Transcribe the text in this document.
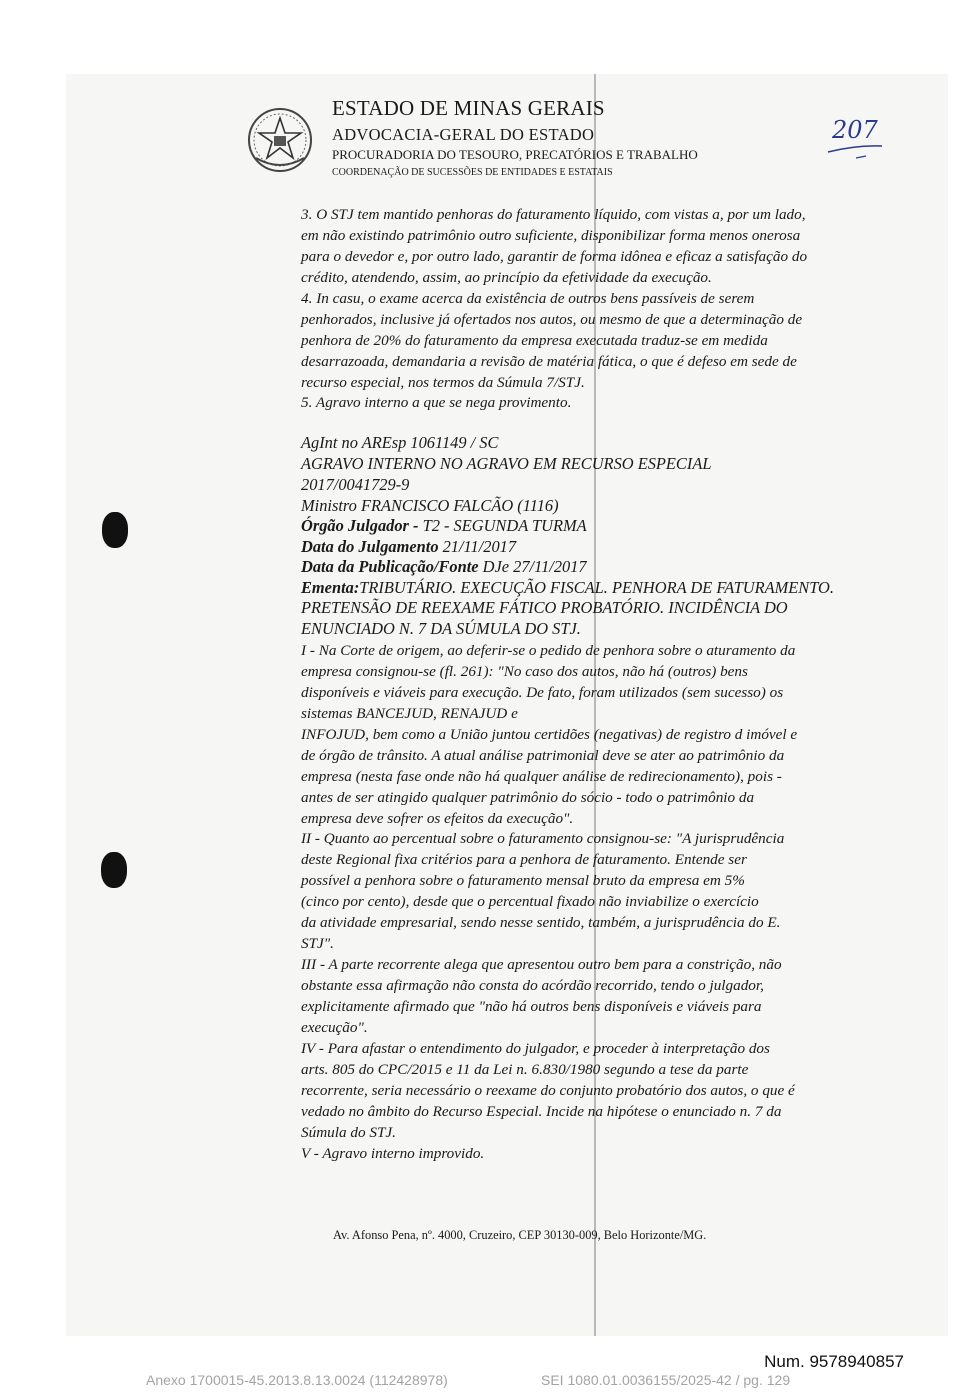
ESTADO DE MINAS GERAIS
ADVOCACIA-GERAL DO ESTADO
PROCURADORIA DO TESOURO, PRECATÓRIOS E TRABALHO
COORDENAÇÃO DE SUCESSÕES DE ENTIDADES E ESTATAIS
207
3. O STJ tem mantido penhoras do faturamento líquido, com vistas a, por um lado,
em não existindo patrimônio outro suficiente, disponibilizar forma menos onerosa
para o devedor e, por outro lado, garantir de forma idônea e eficaz a satisfação do
crédito, atendendo, assim, ao princípio da efetividade da execução.
4. In casu, o exame acerca da existência de outros bens passíveis de serem
penhorados, inclusive já ofertados nos autos, ou mesmo de que a determinação de
penhora de 20% do faturamento da empresa executada traduz-se em medida
desarrazoada, demandaria a revisão de matéria fática, o que é defeso em sede de
recurso especial, nos termos da Súmula 7/STJ.
5. Agravo interno a que se nega provimento.
AgInt no AREsp 1061149 / SC
AGRAVO INTERNO NO AGRAVO EM RECURSO ESPECIAL
2017/0041729-9
Ministro FRANCISCO FALCÃO (1116)
Órgão Julgador - T2 - SEGUNDA TURMA
Data do Julgamento 21/11/2017
Data da Publicação/Fonte DJe 27/11/2017
Ementa:TRIBUTÁRIO. EXECUÇÃO FISCAL. PENHORA DE FATURAMENTO.
PRETENSÃO DE REEXAME FÁTICO PROBATÓRIO. INCIDÊNCIA DO
ENUNCIADO N. 7 DA SÚMULA DO STJ.
I - Na Corte de origem, ao deferir-se o pedido de penhora sobre o aturamento da
empresa consignou-se (fl. 261): "No caso dos autos, não há (outros) bens
disponíveis e viáveis para execução. De fato, foram utilizados (sem sucesso) os
sistemas BANCEJUD, RENAJUD e
INFOJUD, bem como a União juntou certidões (negativas) de registro d imóvel e
de órgão de trânsito. A atual análise patrimonial deve se ater ao patrimônio da
empresa (nesta fase onde não há qualquer análise de redirecionamento), pois -
antes de ser atingido qualquer patrimônio do sócio - todo o patrimônio da
empresa deve sofrer os efeitos da execução".
II - Quanto ao percentual sobre o faturamento consignou-se: "A jurisprudência
deste Regional fixa critérios para a penhora de faturamento. Entende ser
possível a penhora sobre o faturamento mensal bruto da empresa em 5%
(cinco por cento), desde que o percentual fixado não inviabilize o exercício
da atividade empresarial, sendo nesse sentido, também, a jurisprudência do E.
STJ".
III - A parte recorrente alega que apresentou outro bem para a constrição, não
obstante essa afirmação não consta do acórdão recorrido, tendo o julgador,
explicitamente afirmado que "não há outros bens disponíveis e viáveis para
execução".
IV - Para afastar o entendimento do julgador, e proceder à interpretação dos
arts. 805 do CPC/2015 e 11 da Lei n. 6.830/1980 segundo a tese da parte
recorrente, seria necessário o reexame do conjunto probatório dos autos, o que é
vedado no âmbito do Recurso Especial. Incide na hipótese o enunciado n. 7 da
Súmula do STJ.
V - Agravo interno improvido.
Av. Afonso Pena, nº. 4000, Cruzeiro, CEP 30130-009, Belo Horizonte/MG.
Num. 9578940857
Anexo 1700015-45.2013.8.13.0024 (112428978)	SEI 1080.01.0036155/2025-42 / pg. 129
